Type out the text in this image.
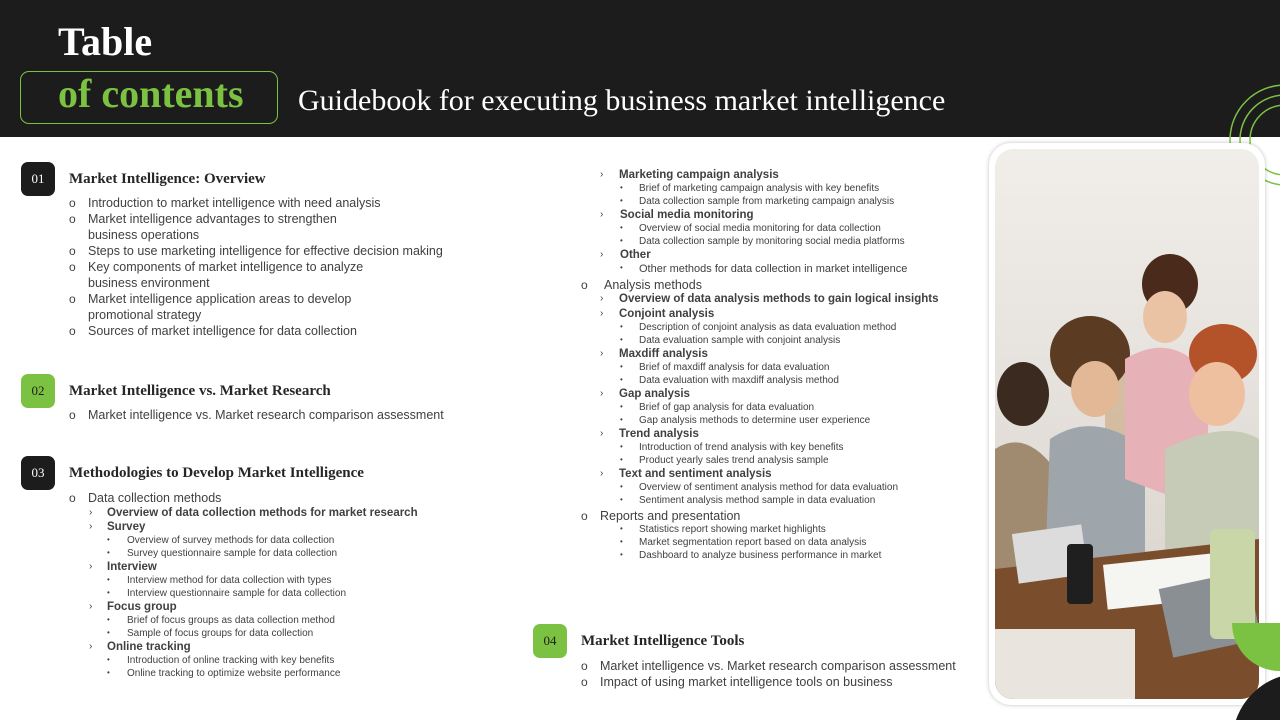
Table
of contents Guidebook for executing business market intelligence
01	Market Intelligence: Overview
o Introduction to market intelligence with need analysis
o Market intelligence advantages to strengthen
business operations
o Steps to use marketing intelligence for effective decision making
o Key components of market intelligence to analyze
business environment
o Market intelligence application areas to develop
promotional strategy
o Sources of market intelligence for data collection
02	Market Intelligence vs. Market Research
o Market intelligence vs. Market research comparison assessment
03	Methodologies to Develop Market Intelligence
o Data collection methods
› Overview of data collection methods for market research
› Survey
• Overview of survey methods for data collection
• Survey questionnaire sample for data collection
› Interview
• Interview method for data collection with types
• Interview questionnaire sample for data collection
› Focus group
• Brief of focus groups as data collection method
• Sample of focus groups for data collection
› Online tracking
• Introduction of online tracking with key benefits
• Online tracking to optimize website performance
› Marketing campaign analysis
• Brief of marketing campaign analysis with key benefits
• Data collection sample from marketing campaign analysis
› Social media monitoring
• Overview of social media monitoring for data collection
• Data collection sample by monitoring social media platforms
› Other
• Other methods for data collection in market intelligence
o Analysis methods
› Overview of data analysis methods to gain logical insights
› Conjoint analysis
• Description of conjoint analysis as data evaluation method
• Data evaluation sample with conjoint analysis
› Maxdiff analysis
• Brief of maxdiff analysis for data evaluation
• Data evaluation with maxdiff analysis method
› Gap analysis
• Brief of gap analysis for data evaluation
• Gap analysis methods to determine user experience
› Trend analysis
• Introduction of trend analysis with key benefits
• Product yearly sales trend analysis sample
› Text and sentiment analysis
• Overview of sentiment analysis method for data evaluation
• Sentiment analysis method sample in data evaluation
o Reports and presentation
• Statistics report showing market highlights
• Market segmentation report based on data analysis
• Dashboard to analyze business performance in market
04	Market Intelligence Tools
o Market intelligence vs. Market research comparison assessment
o Impact of using market intelligence tools on business
